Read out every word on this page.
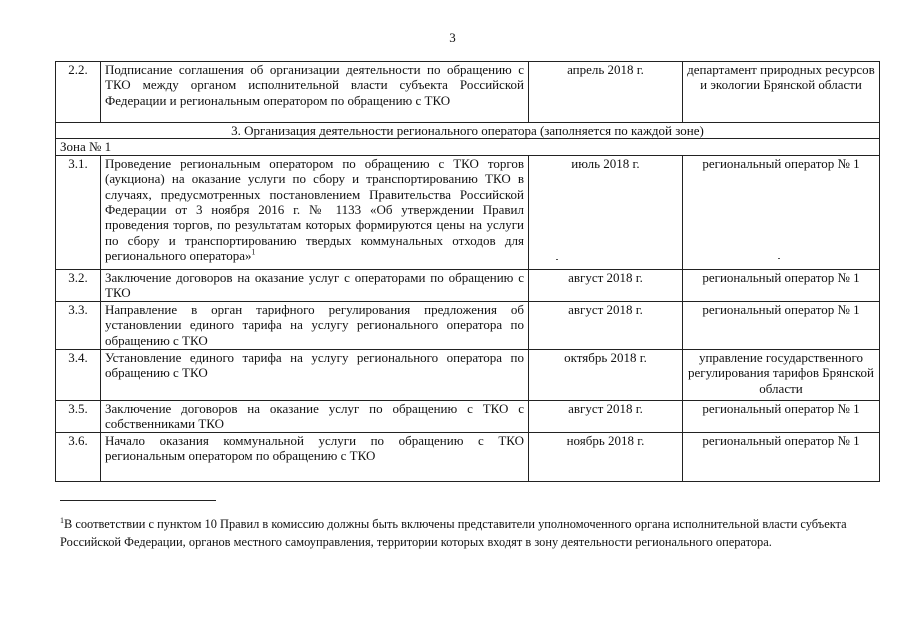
3
2.2.	Подписание соглашения об организации деятельности по обращению с ТКО между органом исполнительной власти субъекта Российской Федерации и региональным оператором по обращению с ТКО	апрель 2018 г.	департамент природных ресурсов и экологии Брянской области
3. Организация деятельности регионального оператора (заполняется по каждой зоне)			
Зона № 1			
3.1.	Проведение региональным оператором по обращению с ТКО торгов (аукциона) на оказание услуги по сбору и транспортированию ТКО в случаях, предусмотренных постановлением Правительства Российской Федерации от 3 ноября 2016 г. № 1133 «Об утверждении Правил проведения торгов, по результатам которых формируются цены на услуги по сбору и транспортированию твердых коммунальных отходов для регионального оператора»$^1$	июль 2018 г.	региональный оператор № 1
3.2.	Заключение договоров на оказание услуг с операторами по обращению с ТКО	август 2018 г.	региональный оператор № 1
3.3.	Направление в орган тарифного регулирования предложения об установлении единого тарифа на услугу регионального оператора по обращению с ТКО	август 2018 г.	региональный оператор № 1
3.4.	Установление единого тарифа на услугу регионального оператора по обращению с ТКО	октябрь 2018 г.	управление государственного регулирования тарифов Брянской области
3.5.	Заключение договоров на оказание услуг по обращению с ТКО с собственниками ТКО	август 2018 г.	региональный оператор № 1
3.6.	Начало оказания коммунальной услуги по обращению с ТКО региональным оператором по обращению с ТКО	ноябрь 2018 г.	региональный оператор № 1
$^1$В соответствии с пунктом 10 Правил в комиссию должны быть включены представители уполномоченного органа исполнительной власти субъекта Российской Федерации, органов местного самоуправления, территории которых входят в зону деятельности регионального оператора.
